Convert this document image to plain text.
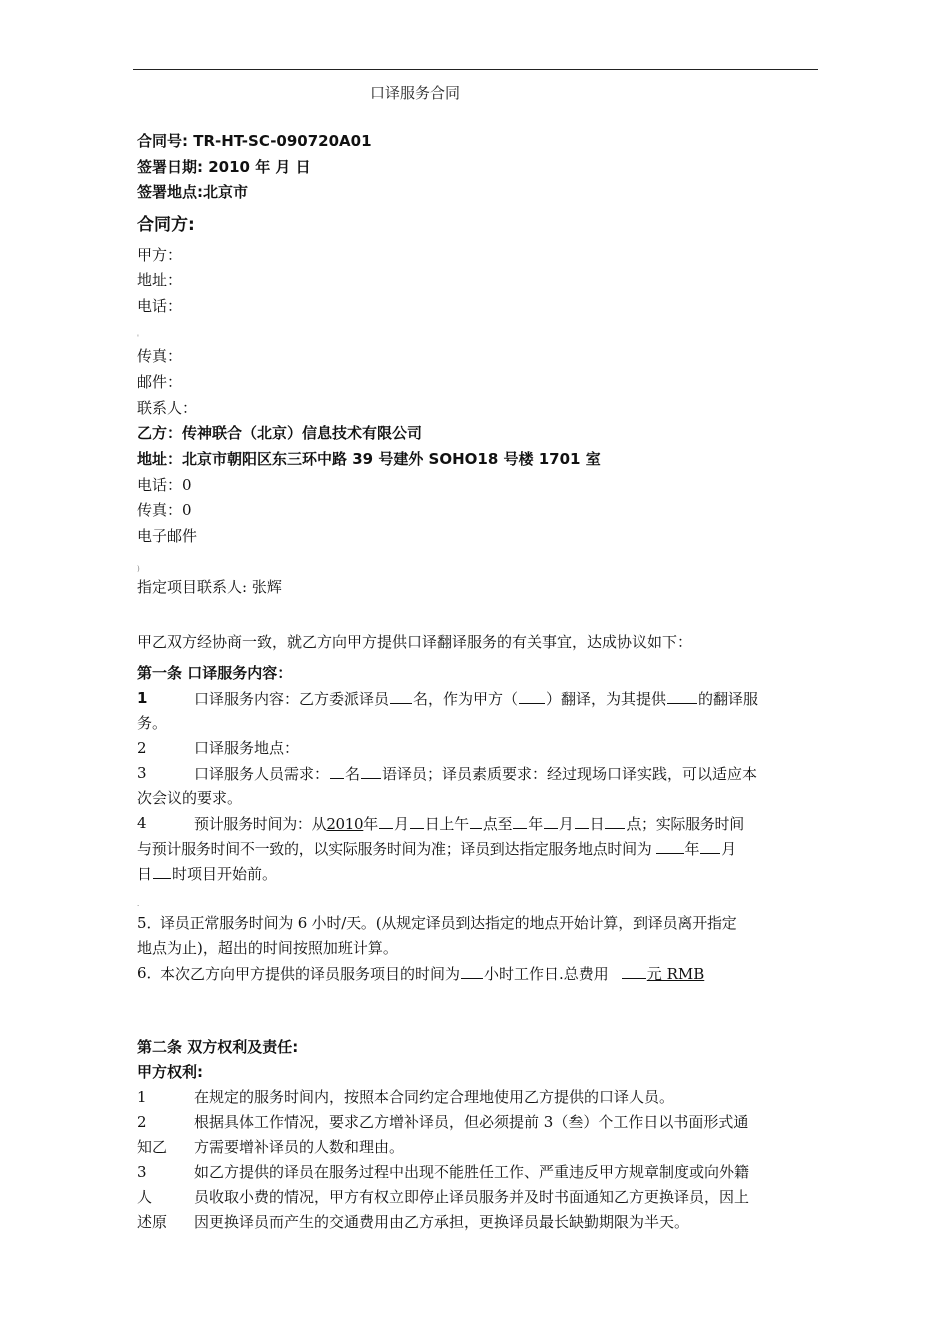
口译服务合同
合同号: TR-HT-SC-090720A01
签署日期: 2010 年 月 日
签署地点:北京市
合同方:
甲方：
地址：
电话：
'
传真：
邮件：
联系人：
乙方：传神联合（北京）信息技术有限公司
地址：北京市朝阳区东三环中路 39 号建外 SOHO18 号楼 1701 室
电话：0
传真：0
电子邮件
)
指定项目联系人: 张辉
甲乙双方经协商一致，就乙方向甲方提供口译翻译服务的有关事宜，达成协议如下：
第一条 口译服务内容：
1	口译服务内容：乙方委派译员 名，作为甲方（ ）翻译，为其提供 的翻译服
务。
2	口译服务地点：
3	口译服务人员需求： 名 语译员；译员素质要求：经过现场口译实践，可以适应本
次会议的要求。
4	预计服务时间为：从2010年 月 日上午 点至 年 月 日 点；实际服务时间
与预计服务时间不一致的，以实际服务时间为准；译员到达指定服务地点时间为 年 月
日 时项目开始前。
.
5．
译员正常服务时间为 6 小时/天。(从规定译员到达指定的地点开始计算，到译员离开指定
地点为止)，超出的时间按照加班计算。
6．
本次乙方向甲方提供的译员服务项目的时间为 小时工作日.总费用	元 RMB
第二条 双方权利及责任:
甲方权利:
1	在规定的服务时间内，按照本合同约定合理地使用乙方提供的口译人员。
2	根据具体工作情况，要求乙方增补译员，但必须提前 3（叁）个工作日以书面形式通
知乙 方需要增补译员的人数和理由。
3	如乙方提供的译员在服务过程中出现不能胜任工作、严重违反甲方规章制度或向外籍
人	员收取小费的情况，甲方有权立即停止译员服务并及时书面通知乙方更换译员，因上
述原 因更换译员而产生的交通费用由乙方承担，更换译员最长缺勤期限为半天。
